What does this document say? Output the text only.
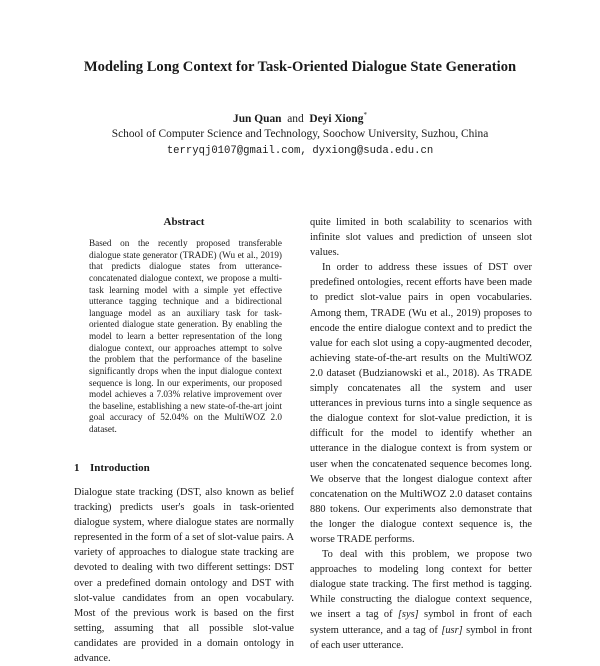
Modeling Long Context for Task-Oriented Dialogue State Generation
Jun Quan and Deyi Xiong*
School of Computer Science and Technology, Soochow University, Suzhou, China
terryqj0107@gmail.com, dyxiong@suda.edu.cn
Abstract

Based on the recently proposed transferable dialogue state generator (TRADE) (Wu et al., 2019) that predicts dialogue states from utterance-concatenated dialogue context, we propose a multi-task learning model with a simple yet effective utterance tagging technique and a bidirectional language model as an auxiliary task for task-oriented dialogue state generation. By enabling the model to learn a better representation of the long dialogue context, our approaches attempt to solve the problem that the performance of the baseline significantly drops when the input dialogue context sequence is long. In our experiments, our proposed model achieves a 7.03% relative improvement over the baseline, establishing a new state-of-the-art joint goal accuracy of 52.04% on the MultiWOZ 2.0 dataset.

1 Introduction

Dialogue state tracking (DST, also known as belief tracking) predicts user's goals in task-oriented dialogue system, where dialogue states are normally represented in the form of a set of slot-value pairs. A variety of approaches to dialogue state tracking are devoted to dealing with two different settings: DST over a predefined domain ontology and DST with slot-value candidates from an open vocabulary. Most of the previous work is based on the first setting, assuming that all possible slot-value candidates are provided in a domain ontology in advance.

quite limited in both scalability to scenarios with infinite slot values and prediction of unseen slot values.

In order to address these issues of DST over predefined ontologies, recent efforts have been made to predict slot-value pairs in open vocabularies. Among them, TRADE (Wu et al., 2019) proposes to encode the entire dialogue context and to predict the value for each slot using a copy-augmented decoder, achieving state-of-the-art results on the MultiWOZ 2.0 dataset (Budzianowski et al., 2018). As TRADE simply concatenates all the system and user utterances in previous turns into a single sequence as the dialogue context for slot-value prediction, it is difficult for the model to identify whether an utterance in the dialogue context is from system or user when the concatenated sequence becomes long. We observe that the longest dialogue context after concatenation on the MultiWOZ 2.0 dataset contains 880 tokens. Our experiments also demonstrate that the longer the dialogue context sequence is, the worse TRADE performs.

To deal with this problem, we propose two approaches to modeling long context for better dialogue state tracking. The first method is tagging. While constructing the dialogue context sequence, we insert a tag of [sys] symbol in front of each system utterance, and a tag of [usr] symbol in front of each user utterance.
